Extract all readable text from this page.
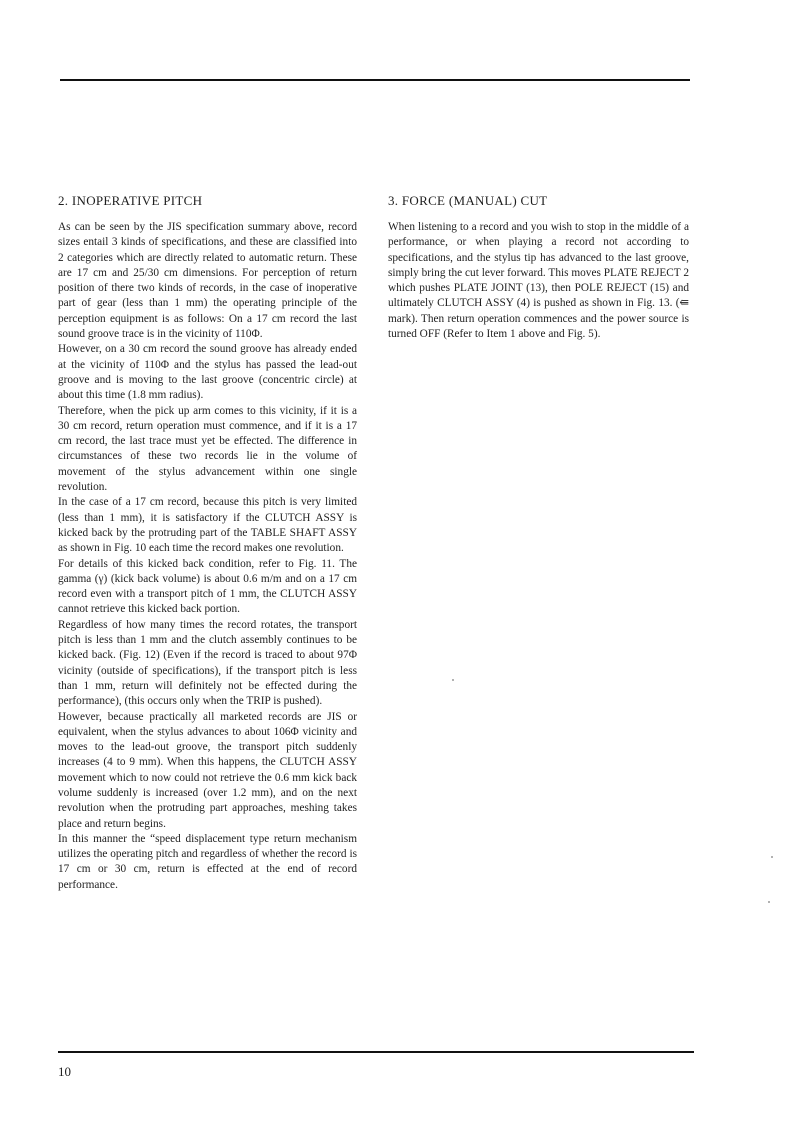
2. INOPERATIVE PITCH

As can be seen by the JIS specification summary above, record sizes entail 3 kinds of specifications, and these are classified into 2 categories which are directly related to automatic return. These are 17 cm and 25/30 cm dimensions. For perception of return position of there two kinds of records, in the case of inoperative part of gear (less than 1 mm) the operating principle of the perception equipment is as follows: On a 17 cm record the last sound groove trace is in the vicinity of 110Φ.

However, on a 30 cm record the sound groove has already ended at the vicinity of 110Φ and the stylus has passed the lead-out groove and is moving to the last groove (concentric circle) at about this time (1.8 mm radius).

Therefore, when the pick up arm comes to this vicinity, if it is a 30 cm record, return operation must commence, and if it is a 17 cm record, the last trace must yet be effected. The difference in circumstances of these two records lie in the volume of movement of the stylus advancement within one single revolution.

In the case of a 17 cm record, because this pitch is very limited (less than 1 mm), it is satisfactory if the CLUTCH ASSY is kicked back by the protruding part of the TABLE SHAFT ASSY as shown in Fig. 10 each time the record makes one revolution.

For details of this kicked back condition, refer to Fig. 11. The gamma (γ) (kick back volume) is about 0.6 m/m and on a 17 cm record even with a transport pitch of 1 mm, the CLUTCH ASSY cannot retrieve this kicked back portion.

Regardless of how many times the record rotates, the transport pitch is less than 1 mm and the clutch assembly continues to be kicked back. (Fig. 12) (Even if the record is traced to about 97Φ vicinity (outside of specifications), if the transport pitch is less than 1 mm, return will definitely not be effected during the performance), (this occurs only when the TRIP is pushed).

However, because practically all marketed records are JIS or equivalent, when the stylus advances to about 106Φ vicinity and moves to the lead-out groove, the transport pitch suddenly increases (4 to 9 mm). When this happens, the CLUTCH ASSY movement which to now could not retrieve the 0.6 mm kick back volume suddenly is increased (over 1.2 mm), and on the next revolution when the protruding part approaches, meshing takes place and return begins.

In this manner the “speed displacement type return mechanism utilizes the operating pitch and regardless of whether the record is 17 cm or 30 cm, return is effected at the end of record performance.

3. FORCE (MANUAL) CUT

When listening to a record and you wish to stop in the middle of a performance, or when playing a record not according to specifications, and the stylus tip has advanced to the last groove, simply bring the cut lever forward. This moves PLATE REJECT 2 which pushes PLATE JOINT (13), then POLE REJECT (15) and ultimately CLUTCH ASSY (4) is pushed as shown in Fig. 13. (⇚ mark). Then return operation commences and the power source is turned OFF (Refer to Item 1 above and Fig. 5).

10
